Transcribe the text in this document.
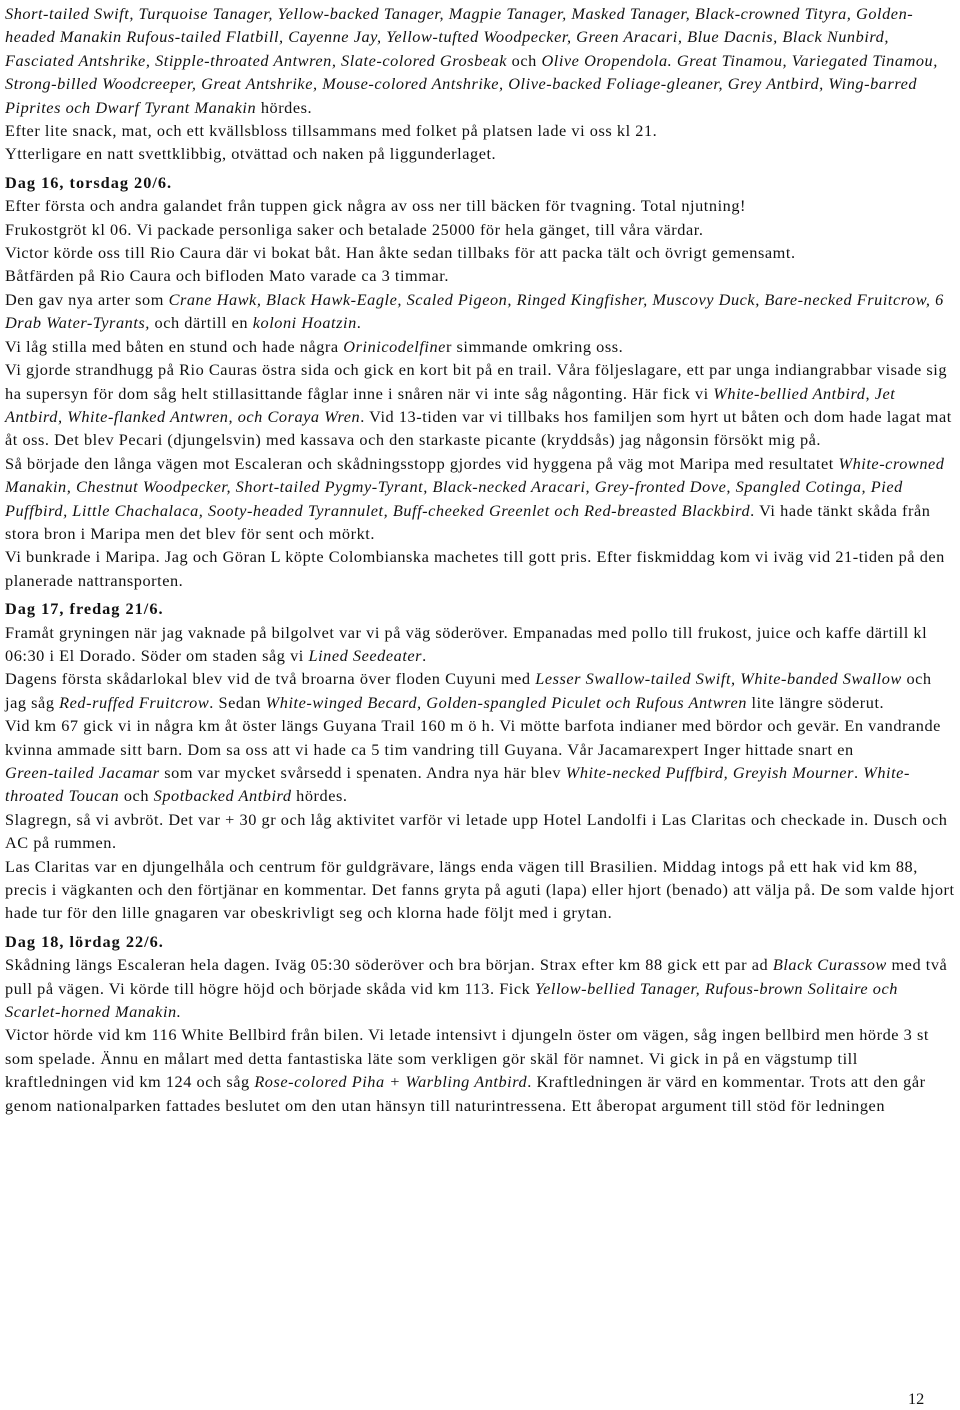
Short-tailed Swift, Turquoise Tanager, Yellow-backed Tanager, Magpie Tanager, Masked Tanager, Black-crowned Tityra, Golden-headed Manakin Rufous-tailed Flatbill, Cayenne Jay, Yellow-tufted Woodpecker, Green Aracari, Blue Dacnis, Black Nunbird, Fasciated Antshrike, Stipple-throated Antwren, Slate-colored Grosbeak och Olive Oropendola. Great Tinamou, Variegated Tinamou, Strong-billed Woodcreeper, Great Antshrike, Mouse-colored Antshrike, Olive-backed Foliage-gleaner, Grey Antbird, Wing-barred Piprites och Dwarf Tyrant Manakin hördes.

Efter lite snack, mat, och ett kvällsbloss tillsammans med folket på platsen lade vi oss kl 21.

Ytterligare en natt svettklibbig, otvättad och naken på liggunderlaget.

Dag 16, torsdag 20/6.

Efter första och andra galandet från tuppen gick några av oss ner till bäcken för tvagning. Total njutning!

Frukostgröt kl 06. Vi packade personliga saker och betalade 25000 för hela gänget, till våra värdar.

Victor körde oss till Rio Caura där vi bokat båt. Han åkte sedan tillbaks för att packa tält och övrigt gemensamt.

Båtfärden på Rio Caura och bifloden Mato varade ca 3 timmar.

Den gav nya arter som Crane Hawk, Black Hawk-Eagle, Scaled Pigeon, Ringed Kingfisher, Muscovy Duck, Bare-necked Fruitcrow, 6 Drab Water-Tyrants, och därtill en koloni Hoatzin.

Vi låg stilla med båten en stund och hade några Orinicodelfiner simmande omkring oss.

Vi gjorde strandhugg på Rio Cauras östra sida och gick en kort bit på en trail. Våra följeslagare, ett par unga indiangrabbar visade sig ha supersyn för dom såg helt stillasittande fåglar inne i snåren när vi inte såg någonting. Här fick vi White-bellied Antbird, Jet Antbird, White-flanked Antwren, och Coraya Wren. Vid 13-tiden var vi tillbaks hos familjen som hyrt ut båten och dom hade lagat mat åt oss. Det blev Pecari (djungelsvin) med kassava och den starkaste picante (kryddsås) jag någonsin försökt mig på.

Så började den långa vägen mot Escaleran och skådningsstopp gjordes vid hyggena på väg mot Maripa med resultatet White-crowned Manakin, Chestnut Woodpecker, Short-tailed Pygmy-Tyrant, Black-necked Aracari, Grey-fronted Dove, Spangled Cotinga, Pied Puffbird, Little Chachalaca, Sooty-headed Tyrannulet, Buff-cheeked Greenlet och Red-breasted Blackbird. Vi hade tänkt skåda från stora bron i Maripa men det blev för sent och mörkt.

Vi bunkrade i Maripa. Jag och Göran L köpte Colombianska machetes till gott pris. Efter fiskmiddag kom vi iväg vid 21-tiden på den planerade nattransporten.

Dag 17, fredag 21/6.

Framåt gryningen när jag vaknade på bilgolvet var vi på väg söderöver. Empanadas med pollo till frukost, juice och kaffe därtill kl 06:30 i El Dorado. Söder om staden såg vi Lined Seedeater.

Dagens första skådarlokal blev vid de två broarna över floden Cuyuni med Lesser Swallow-tailed Swift, White-banded Swallow och jag såg Red-ruffed Fruitcrow. Sedan White-winged Becard, Golden-spangled Piculet och Rufous Antwren lite längre söderut.

Vid km 67 gick vi in några km åt öster längs Guyana Trail 160 m ö h. Vi mötte barfota indianer med bördor och gevär. En vandrande kvinna ammade sitt barn. Dom sa oss att vi hade ca 5 tim vandring till Guyana. Vår Jacamarexpert Inger hittade snart en

Green-tailed Jacamar som var mycket svårsedd i spenaten. Andra nya här blev White-necked Puffbird, Greyish Mourner. White-throated Toucan och Spotbacked Antbird hördes.

Slagregn, så vi avbröt. Det var + 30 gr och låg aktivitet varför vi letade upp Hotel Landolfi i Las Claritas och checkade in. Dusch och AC på rummen.

Las Claritas var en djungelhåla och centrum för guldgrävare, längs enda vägen till Brasilien. Middag intogs på ett hak vid km 88, precis i vägkanten och den förtjänar en kommentar. Det fanns gryta på aguti (lapa) eller hjort (benado) att välja på. De som valde hjort hade tur för den lille gnagaren var obeskrivligt seg och klorna hade följt med i grytan.

Dag 18, lördag 22/6.

Skådning längs Escaleran hela dagen. Iväg 05:30 söderöver och bra början. Strax efter km 88 gick ett par ad Black Curassow med två pull på vägen. Vi körde till högre höjd och började skåda vid km 113. Fick Yellow-bellied Tanager, Rufous-brown Solitaire och Scarlet-horned Manakin.

Victor hörde vid km 116 White Bellbird från bilen. Vi letade intensivt i djungeln öster om vägen, såg ingen bellbird men hörde 3 st som spelade. Ännu en målart med detta fantastiska läte som verkligen gör skäl för namnet. Vi gick in på en vägstump till kraftledningen vid km 124 och såg Rose-colored Piha + Warbling Antbird. Kraftledningen är värd en kommentar. Trots att den går genom nationalparken fattades beslutet om den utan hänsyn till naturintressena. Ett åberopat argument till stöd för ledningen

12
